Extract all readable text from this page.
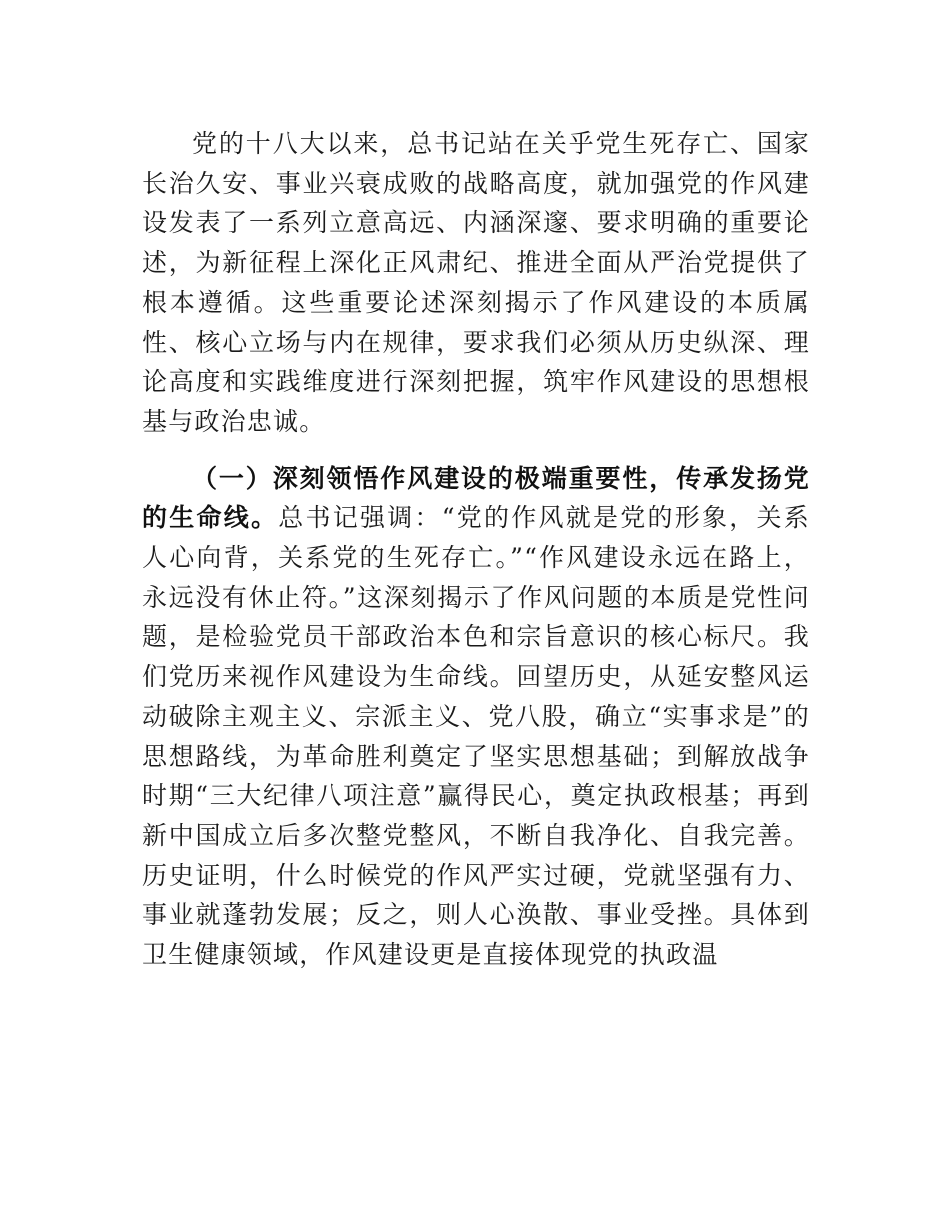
党的十八大以来，总书记站在关乎党生死存亡、国家长治久安、事业兴衰成败的战略高度，就加强党的作风建设发表了一系列立意高远、内涵深邃、要求明确的重要论述，为新征程上深化正风肃纪、推进全面从严治党提供了根本遵循。这些重要论述深刻揭示了作风建设的本质属性、核心立场与内在规律，要求我们必须从历史纵深、理论高度和实践维度进行深刻把握，筑牢作风建设的思想根基与政治忠诚。

（一）深刻领悟作风建设的极端重要性，传承发扬党的生命线。总书记强调：“党的作风就是党的形象，关系人心向背，关系党的生死存亡。”“作风建设永远在路上，永远没有休止符。”这深刻揭示了作风问题的本质是党性问题，是检验党员干部政治本色和宗旨意识的核心标尺。我们党历来视作风建设为生命线。回望历史，从延安整风运动破除主观主义、宗派主义、党八股，确立“实事求是”的思想路线，为革命胜利奠定了坚实思想基础；到解放战争时期“三大纪律八项注意”赢得民心，奠定执政根基；再到新中国成立后多次整党整风，不断自我净化、自我完善。历史证明，什么时候党的作风严实过硬，党就坚强有力、事业就蓬勃发展；反之，则人心涣散、事业受挫。具体到卫生健康领域，作风建设更是直接体现党的执政温
